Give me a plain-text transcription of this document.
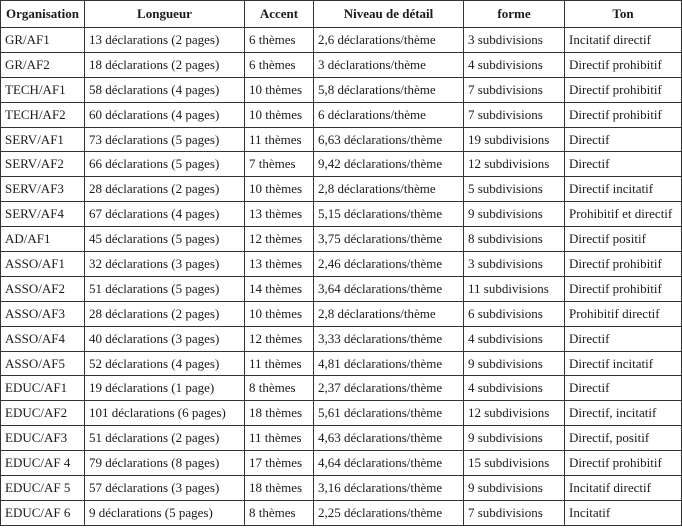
Organisation	Longueur	Accent	Niveau de détail	forme	Ton
GR/AF1	13 déclarations (2 pages)	6 thèmes	2,6 déclarations/thème	3 subdivisions	Incitatif directif
GR/AF2	18 déclarations (2 pages)	6 thèmes	3 déclarations/thème	4 subdivisions	Directif prohibitif
TECH/AF1	58 déclarations (4 pages)	10 thèmes	5,8 déclarations/thème	7 subdivisions	Directif prohibitif
TECH/AF2	60 déclarations (4 pages)	10 thèmes	6 déclarations/thème	7 subdivisions	Directif prohibitif
SERV/AF1	73 déclarations (5 pages)	11 thèmes	6,63 déclarations/thème	19 subdivisions	Directif
SERV/AF2	66 déclarations (5 pages)	7 thèmes	9,42 déclarations/thème	12 subdivisions	Directif
SERV/AF3	28 déclarations (2 pages)	10 thèmes	2,8 déclarations/thème	5 subdivisions	Directif incitatif
SERV/AF4	67 déclarations (4 pages)	13 thèmes	5,15 déclarations/thème	9 subdivisions	Prohibitif et directif
AD/AF1	45 déclarations (5 pages)	12 thèmes	3,75 déclarations/thème	8 subdivisions	Directif positif
ASSO/AF1	32 déclarations (3 pages)	13 thèmes	2,46 déclarations/thème	3 subdivisions	Directif prohibitif
ASSO/AF2	51 déclarations (5 pages)	14 thèmes	3,64 déclarations/thème	11 subdivisions	Directif prohibitif
ASSO/AF3	28 déclarations (2 pages)	10 thèmes	2,8 déclarations/thème	6 subdivisions	Prohibitif directif
ASSO/AF4	40 déclarations (3 pages)	12 thèmes	3,33 déclarations/thème	4 subdivisions	Directif
ASSO/AF5	52 déclarations (4 pages)	11 thèmes	4,81 déclarations/thème	9 subdivisions	Directif incitatif
EDUC/AF1	19 déclarations (1 page)	8 thèmes	2,37 déclarations/thème	4 subdivisions	Directif
EDUC/AF2	101 déclarations (6 pages)	18 thèmes	5,61 déclarations/thème	12 subdivisions	Directif, incitatif
EDUC/AF3	51 déclarations (2 pages)	11 thèmes	4,63 déclarations/thème	9 subdivisions	Directif, positif
EDUC/AF 4	79 déclarations (8 pages)	17 thèmes	4,64 déclarations/thème	15 subdivisions	Directif prohibitif
EDUC/AF 5	57 déclarations (3 pages)	18 thèmes	3,16 déclarations/thème	9 subdivisions	Incitatif directif
EDUC/AF 6	9 déclarations (5 pages)	8 thèmes	2,25 déclarations/thème	7 subdivisions	Incitatif
